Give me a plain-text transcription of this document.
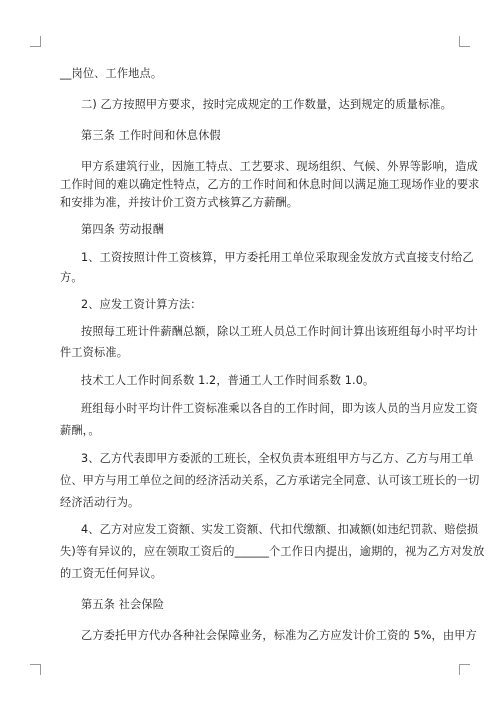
__岗位、工作地点。
二) 乙方按照甲方要求，按时完成规定的工作数量，达到规定的质量标准。
第三条 工作时间和休息休假
甲方系建筑行业，因施工特点、工艺要求、现场组织、气候、外界等影响，造成
工作时间的难以确定性特点，乙方的工作时间和休息时间以满足施工现场作业的要求
和安排为准，并按计价工资方式核算乙方薪酬。
第四条 劳动报酬
1、工资按照计件工资核算，甲方委托用工单位采取现金发放方式直接支付给乙
方。
2、应发工资计算方法：
按照每工班计件薪酬总额，除以工班人员总工作时间计算出该班组每小时平均计
件工资标准。
技术工人工作时间系数 1.2，普通工人工作时间系数 1.0。
班组每小时平均计件工资标准乘以各自的工作时间，即为该人员的当月应发工资
薪酬，。
3、乙方代表即甲方委派的工班长，全权负责本班组甲方与乙方、乙方与用工单
位、甲方与用工单位之间的经济活动关系，乙方承诺完全同意、认可该工班长的一切
经济活动行为。
4、乙方对应发工资额、实发工资额、代扣代缴额、扣减额(如违纪罚款、赔偿损
失)等有异议的，应在领取工资后的______个工作日内提出，逾期的，视为乙方对发放
的工资无任何异议。
第五条 社会保险
乙方委托甲方代办各种社会保障业务，标准为乙方应发计价工资的 5%，由甲方
